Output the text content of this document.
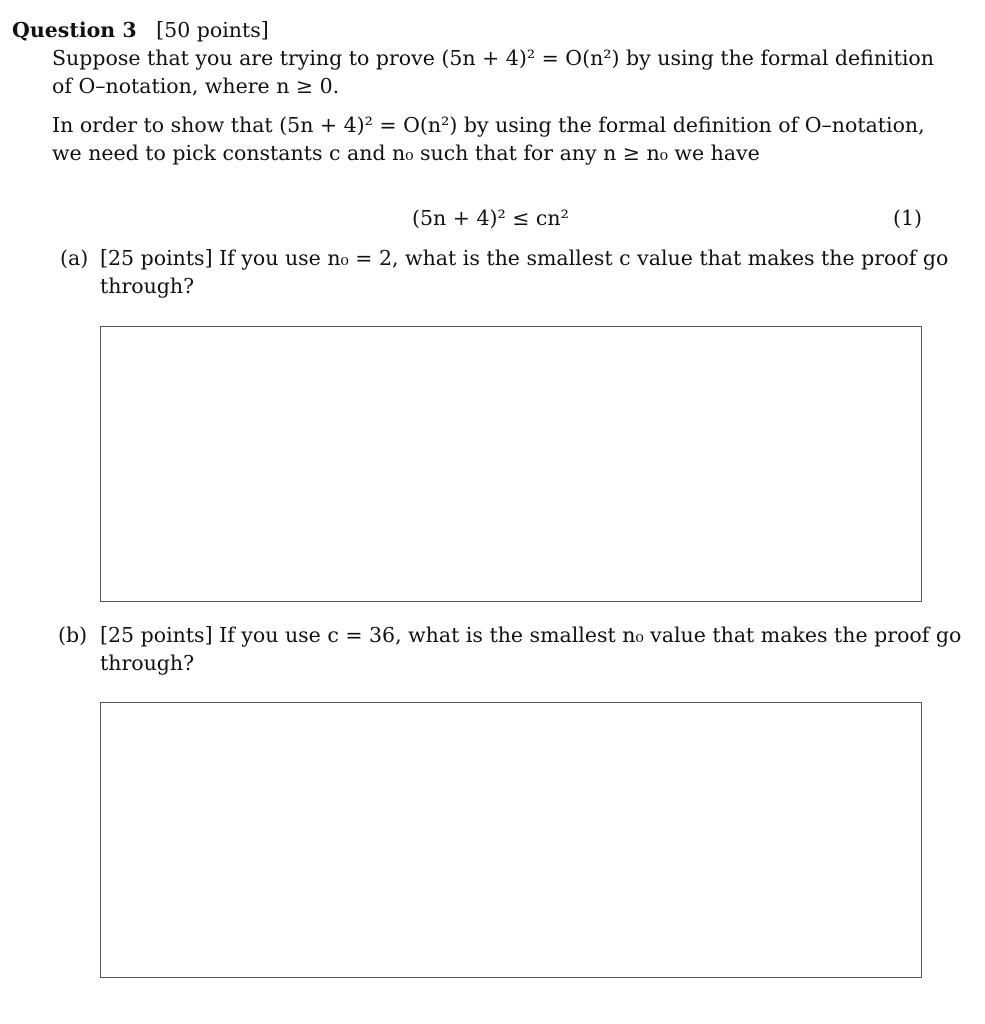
Question 3 [50 points]
Suppose that you are trying to prove (5n + 4)² = O(n²) by using the formal definition
of O–notation, where n ≥ 0.
In order to show that (5n + 4)² = O(n²) by using the formal definition of O–notation,
we need to pick constants c and n₀ such that for any n ≥ n₀ we have
(5n + 4)² ≤ cn²	(1)
(a) [25 points] If you use n₀ = 2, what is the smallest c value that makes the proof go
through?
(b) [25 points] If you use c = 36, what is the smallest n₀ value that makes the proof go
through?
